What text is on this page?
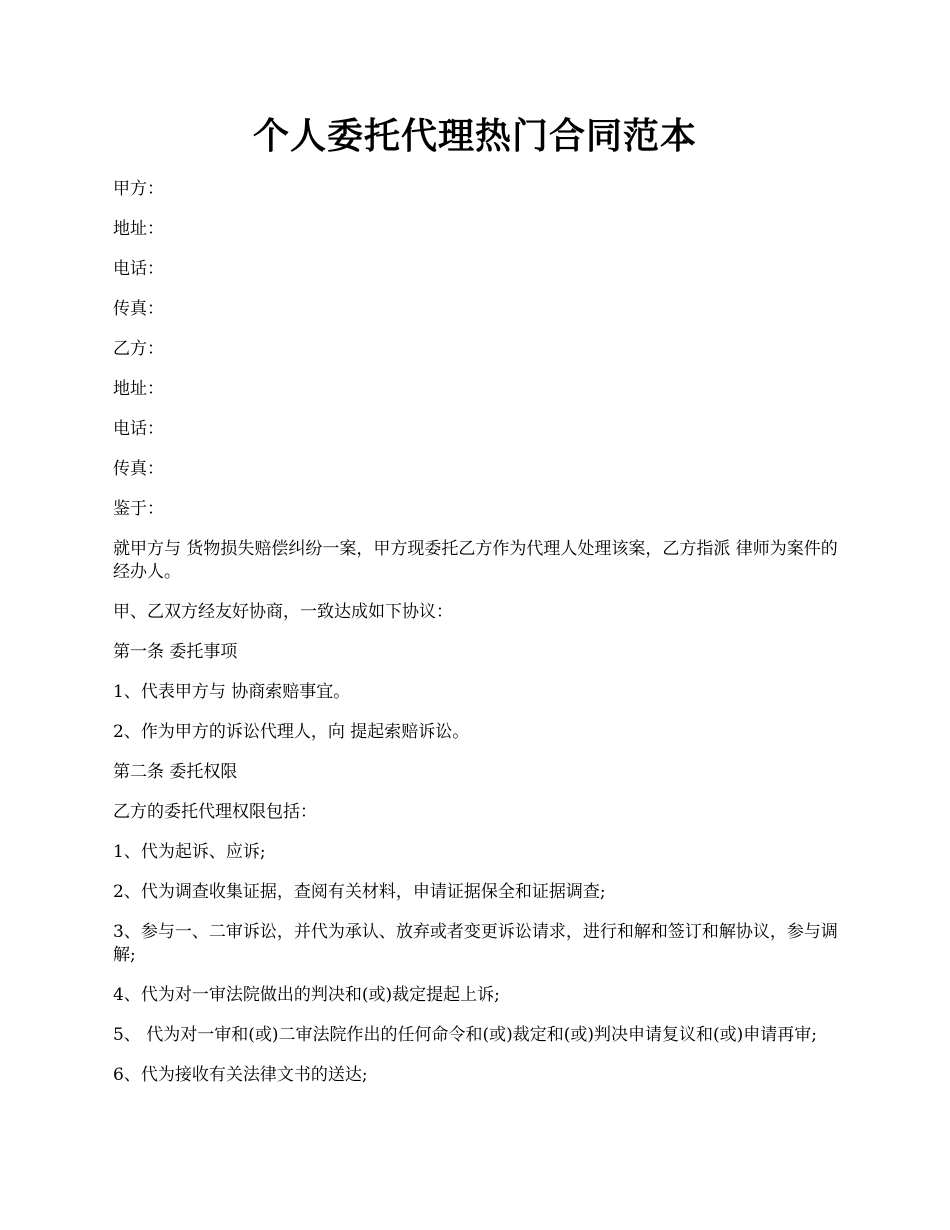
个人委托代理热门合同范本

甲方：

地址：

电话：

传真：

乙方：

地址：

电话：

传真：

鉴于：

就甲方与 货物损失赔偿纠纷一案，甲方现委托乙方作为代理人处理该案，乙方指派 律师为案件的经办人。

甲、乙双方经友好协商，一致达成如下协议：

第一条 委托事项

1、代表甲方与 协商索赔事宜。

2、作为甲方的诉讼代理人，向 提起索赔诉讼。

第二条 委托权限

乙方的委托代理权限包括：

1、代为起诉、应诉;

2、代为调查收集证据，查阅有关材料，申请证据保全和证据调查;

3、参与一、二审诉讼，并代为承认、放弃或者变更诉讼请求，进行和解和签订和解协议，参与调解;

4、代为对一审法院做出的判决和(或)裁定提起上诉;

5、 代为对一审和(或)二审法院作出的任何命令和(或)裁定和(或)判决申请复议和(或)申请再审;

6、代为接收有关法律文书的送达;
